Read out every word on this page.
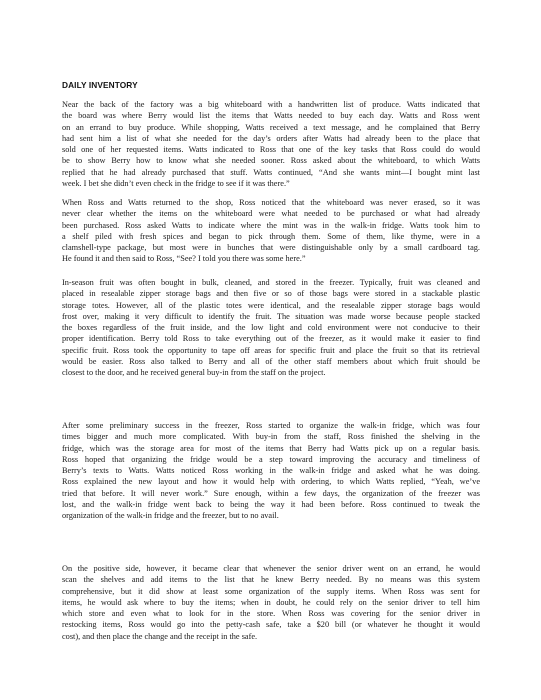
DAILY INVENTORY
Near the back of the factory was a big whiteboard with a handwritten list of produce. Watts indicated that
the board was where Berry would list the items that Watts needed to buy each day. Watts and Ross went
on an errand to buy produce. While shopping, Watts received a text message, and he complained that Berry
had sent him a list of what she needed for the day’s orders after Watts had already been to the place that
sold one of her requested items. Watts indicated to Ross that one of the key tasks that Ross could do would
be to show Berry how to know what she needed sooner. Ross asked about the whiteboard, to which Watts
replied that he had already purchased that stuff. Watts continued, “And she wants mint—I bought mint last
week. I bet she didn’t even check in the fridge to see if it was there.”
When Ross and Watts returned to the shop, Ross noticed that the whiteboard was never erased, so it was
never clear whether the items on the whiteboard were what needed to be purchased or what had already
been purchased. Ross asked Watts to indicate where the mint was in the walk-in fridge. Watts took him to
a shelf piled with fresh spices and began to pick through them. Some of them, like thyme, were in a
clamshell-type package, but most were in bunches that were distinguishable only by a small cardboard tag.
He found it and then said to Ross, “See? I told you there was some here.”
In-season fruit was often bought in bulk, cleaned, and stored in the freezer. Typically, fruit was cleaned and
placed in resealable zipper storage bags and then five or so of those bags were stored in a stackable plastic
storage totes. However, all of the plastic totes were identical, and the resealable zipper storage bags would
frost over, making it very difficult to identify the fruit. The situation was made worse because people stacked
the boxes regardless of the fruit inside, and the low light and cold environment were not conducive to their
proper identification. Berry told Ross to take everything out of the freezer, as it would make it easier to find
specific fruit. Ross took the opportunity to tape off areas for specific fruit and place the fruit so that its retrieval
would be easier. Ross also talked to Berry and all of the other staff members about which fruit should be
closest to the door, and he received general buy-in from the staff on the project.
After some preliminary success in the freezer, Ross started to organize the walk-in fridge, which was four
times bigger and much more complicated. With buy-in from the staff, Ross finished the shelving in the
fridge, which was the storage area for most of the items that Berry had Watts pick up on a regular basis.
Ross hoped that organizing the fridge would be a step toward improving the accuracy and timeliness of
Berry’s texts to Watts. Watts noticed Ross working in the walk-in fridge and asked what he was doing.
Ross explained the new layout and how it would help with ordering, to which Watts replied, “Yeah, we’ve
tried that before. It will never work.” Sure enough, within a few days, the organization of the freezer was
lost, and the walk-in fridge went back to being the way it had been before. Ross continued to tweak the
organization of the walk-in fridge and the freezer, but to no avail.
On the positive side, however, it became clear that whenever the senior driver went on an errand, he would
scan the shelves and add items to the list that he knew Berry needed. By no means was this system
comprehensive, but it did show at least some organization of the supply items. When Ross was sent for
items, he would ask where to buy the items; when in doubt, he could rely on the senior driver to tell him
which store and even what to look for in the store. When Ross was covering for the senior driver in
restocking items, Ross would go into the petty-cash safe, take a $20 bill (or whatever he thought it would
cost), and then place the change and the receipt in the safe.
